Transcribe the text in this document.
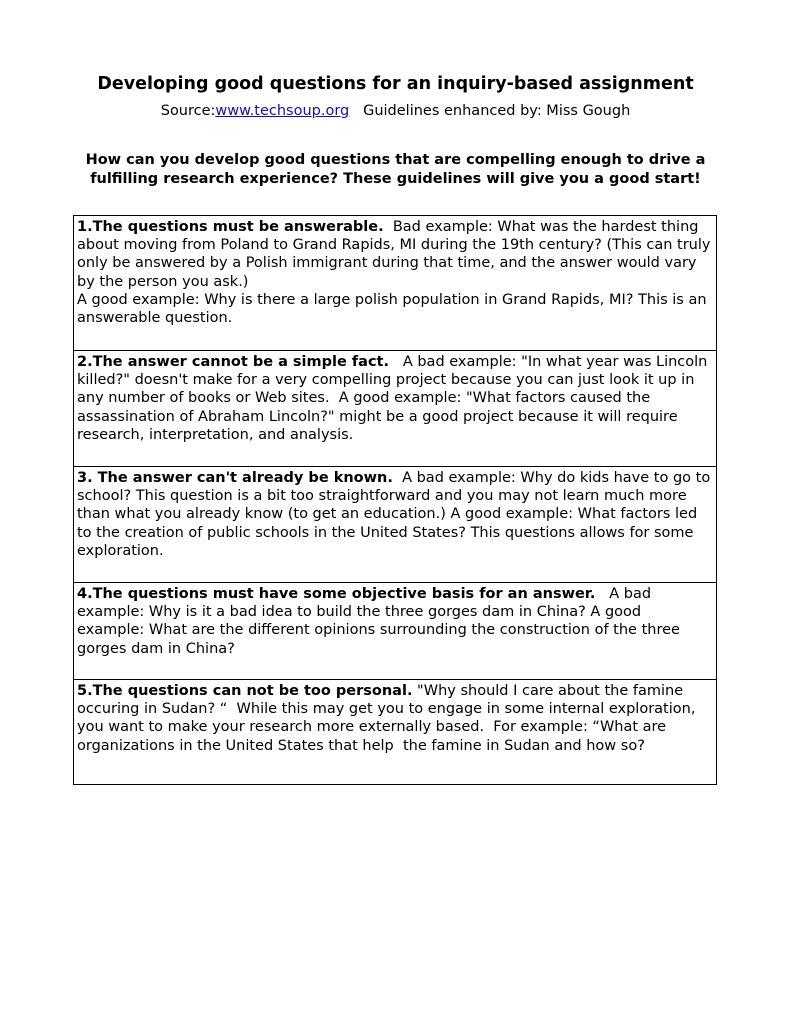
Developing good questions for an inquiry-based assignment

Source:www.techsoup.org   Guidelines enhanced by: Miss Gough

How can you develop good questions that are compelling enough to drive a fulfilling research experience? These guidelines will give you a good start!

1.The questions must be answerable.  Bad example: What was the hardest thing about moving from Poland to Grand Rapids, MI during the 19th century? (This can truly only be answered by a Polish immigrant during that time, and the answer would vary by the person you ask.)
A good example: Why is there a large polish population in Grand Rapids, MI? This is an answerable question.
2.The answer cannot be a simple fact.   A bad example: "In what year was Lincoln killed?" doesn't make for a very compelling project because you can just look it up in any number of books or Web sites.  A good example: "What factors caused the assassination of Abraham Lincoln?" might be a good project because it will require research, interpretation, and analysis.
3. The answer can't already be known.  A bad example: Why do kids have to go to school? This question is a bit too straightforward and you may not learn much more than what you already know (to get an education.) A good example: What factors led to the creation of public schools in the United States? This questions allows for some exploration.
4.The questions must have some objective basis for an answer.   A bad example: Why is it a bad idea to build the three gorges dam in China? A good example: What are the different opinions surrounding the construction of the three gorges dam in China?
5.The questions can not be too personal. "Why should I care about the famine occuring in Sudan? “  While this may get you to engage in some internal exploration, you want to make your research more externally based.  For example: “What are organizations in the United States that help  the famine in Sudan and how so?
